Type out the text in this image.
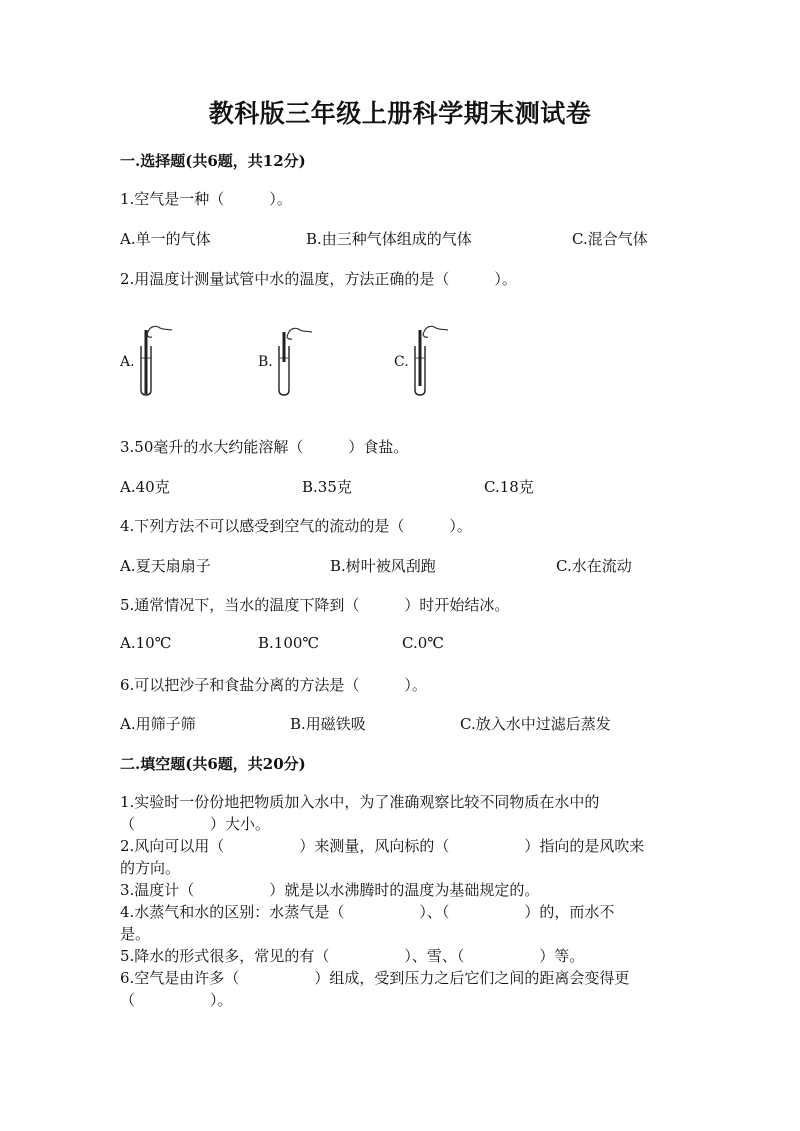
教科版三年级上册科学期末测试卷
一.选择题(共6题，共12分)
1.空气是一种（　　　）。
A.单一的气体	B.由三种气体组成的气体	C.混合气体
2.用温度计测量试管中水的温度，方法正确的是（　　　）。
A.	B.	C.
3.50毫升的水大约能溶解（　　　）食盐。
A.40克	B.35克	C.18克
4.下列方法不可以感受到空气的流动的是（　　　）。
A.夏天扇扇子	B.树叶被风刮跑	C.水在流动
5.通常情况下，当水的温度下降到（　　　）时开始结冰。
A.10℃	B.100℃	C.0℃
6.可以把沙子和食盐分离的方法是（　　　）。
A.用筛子筛	B.用磁铁吸	C.放入水中过滤后蒸发
二.填空题(共6题，共20分)
1.实验时一份份地把物质加入水中，为了准确观察比较不同物质在水中的
（　　　　　）大小。
2.风向可以用（　　　　　）来测量，风向标的（　　　　　）指向的是风吹来
的方向。
3.温度计（　　　　　）就是以水沸腾时的温度为基础规定的。
4.水蒸气和水的区别：水蒸气是（　　　　　）、（　　　　　）的，而水不
是。
5.降水的形式很多，常见的有（　　　　　）、雪、（　　　　　）等。
6.空气是由许多（　　　　　）组成，受到压力之后它们之间的距离会变得更
（　　　　　）。
